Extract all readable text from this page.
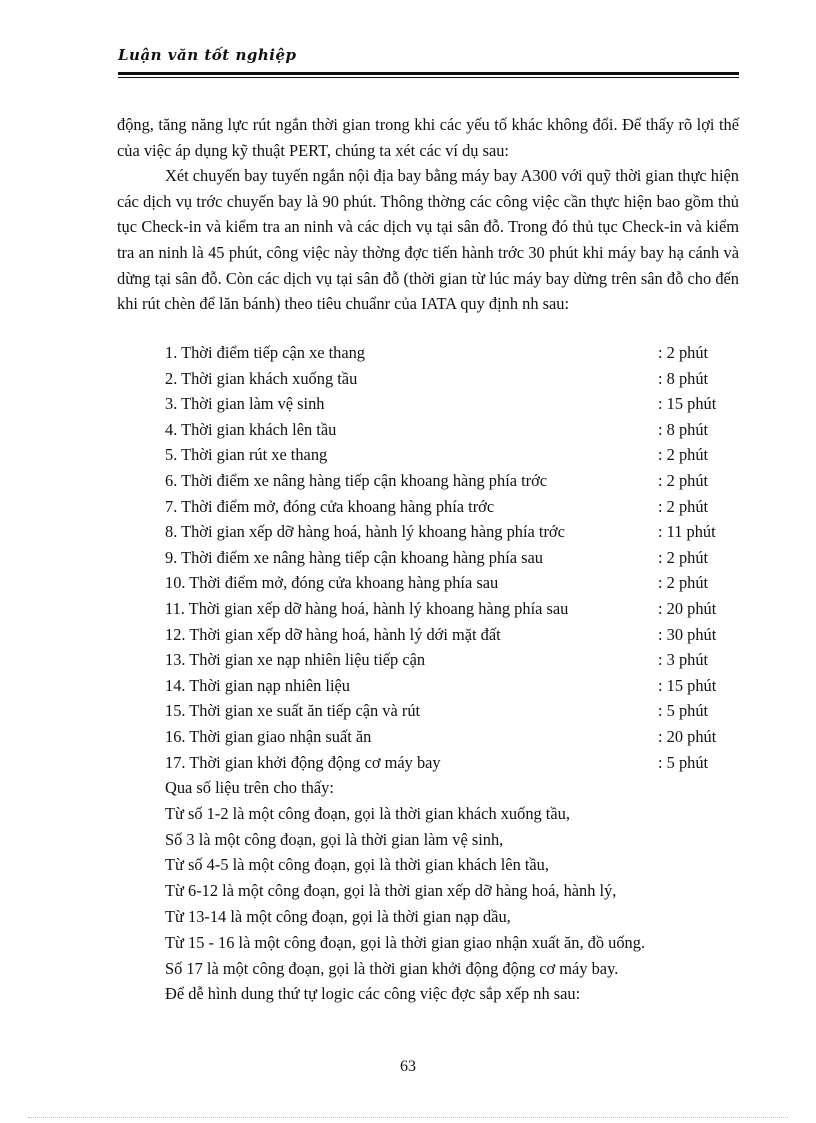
Luận văn tốt nghiệp

động, tăng năng lực rút ngắn thời gian trong khi các yếu tố khác không đổi. Để thấy rõ lợi thế của việc áp dụng kỹ thuật PERT, chúng ta xét các ví dụ sau:

Xét chuyến bay tuyến ngắn nội địa bay bằng máy bay A300 với quỹ thời gian thực hiện các dịch vụ trớc chuyến bay là 90 phút. Thông thờng các công việc cần thực hiện bao gồm thủ tục Check-in và kiểm tra an ninh và các dịch vụ tại sân đỗ. Trong đó thủ tục Check-in và kiểm tra an ninh là 45 phút, công việc này thờng đợc tiến hành trớc 30 phút khi máy bay hạ cánh và dừng tại sân đỗ. Còn các dịch vụ tại sân đỗ (thời gian từ lúc máy bay dừng trên sân đỗ cho đến khi rút chèn để lăn bánh) theo tiêu chuẩnr của IATA quy định nh sau:

1. Thời điểm tiếp cận xe thang	: 2 phút
2. Thời gian khách xuống tầu	: 8 phút
3. Thời gian làm vệ sinh	: 15 phút
4. Thời gian khách lên tầu	: 8 phút
5. Thời gian rút xe thang	: 2 phút
6. Thời điểm xe nâng hàng tiếp cận khoang hàng phía trớc	: 2 phút
7. Thời điểm mở, đóng cửa khoang hàng phía trớc	: 2 phút
8. Thời gian xếp dỡ hàng hoá, hành lý khoang hàng phía trớc	: 11 phút
9. Thời điểm xe nâng hàng tiếp cận khoang hàng phía sau	: 2 phút
10. Thời điểm mở, đóng cửa khoang hàng phía sau	: 2 phút
11. Thời gian xếp dỡ hàng hoá, hành lý khoang hàng phía sau	: 20 phút
12. Thời gian xếp dỡ hàng hoá, hành lý dới mặt đất	: 30 phút
13. Thời gian xe nạp nhiên liệu tiếp cận	: 3 phút
14. Thời gian nạp nhiên liệu	: 15 phút
15. Thời gian xe suất ăn tiếp cận và rút	: 5 phút
16. Thời gian giao nhận suất ăn	: 20 phút
17. Thời gian khởi động động cơ máy bay	: 5 phút
Qua số liệu trên cho thấy:
Từ số 1-2 là một công đoạn, gọi là thời gian khách xuống tầu,
Số 3 là một công đoạn, gọi là thời gian làm vệ sinh,
Từ số 4-5 là một công đoạn, gọi là thời gian khách lên tầu,
Từ 6-12 là một công đoạn, gọi là thời gian xếp dỡ hàng hoá, hành lý,
Từ 13-14 là một công đoạn, gọi là thời gian nạp dầu,
Từ 15 - 16 là một công đoạn, gọi là thời gian giao nhận xuất ăn, đồ uống.
Số 17 là một công đoạn, gọi là thời gian khởi động động cơ máy bay.
Để dễ hình dung thứ tự logic các công việc đợc sắp xếp nh sau:
63
